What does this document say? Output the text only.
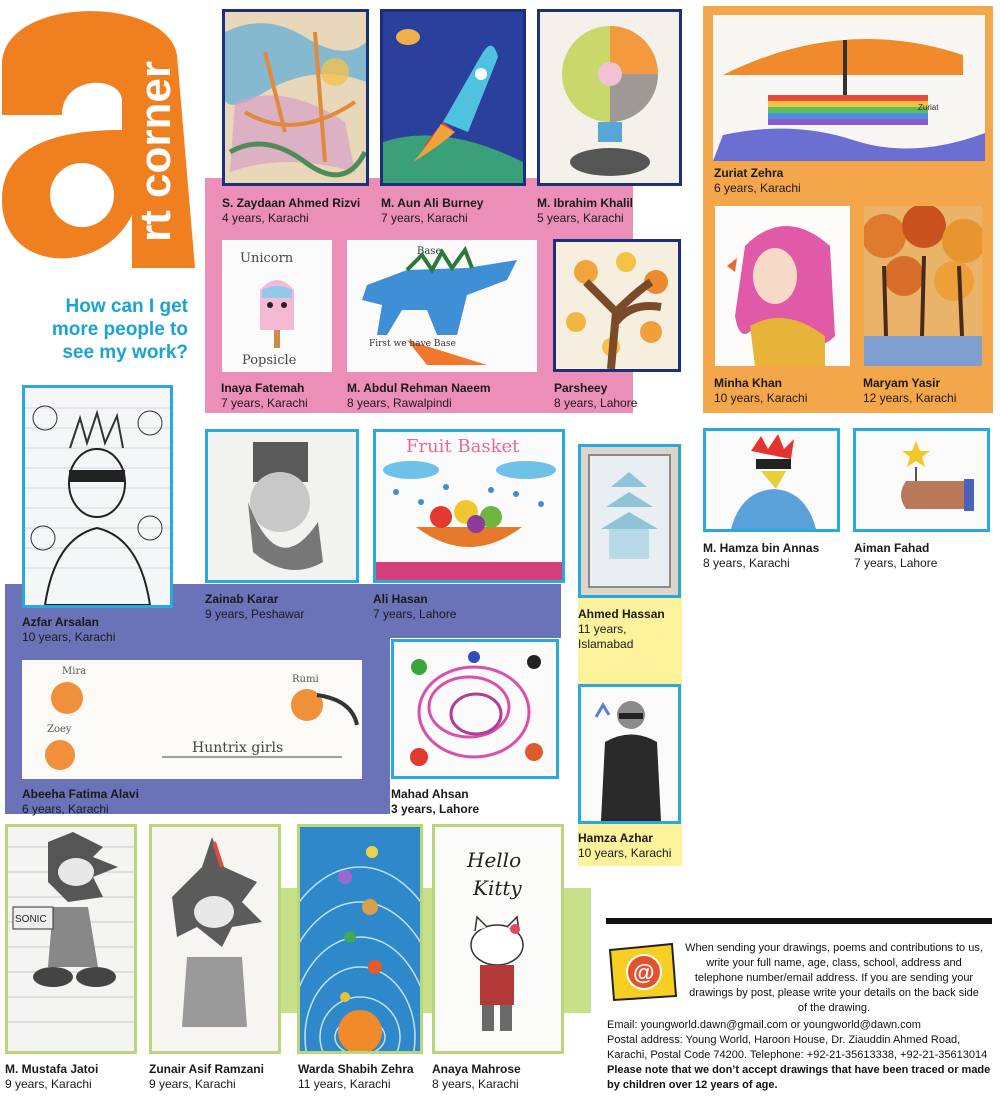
rt corner
How can I get more people to see my work?
Zuriat
Unicorn
Popsicle
Base
First we have Base
Fruit Basket
Mira
Rumi
Zoey
Huntrix girls
SONIC
Hello
Kitty
S. Zaydaan Ahmed Rizvi
4 years, Karachi
M. Aun Ali Burney
7 years, Karachi
M. Ibrahim Khalil
5 years, Karachi
Zuriat Zehra
6 years, Karachi
Inaya Fatemah
7 years, Karachi
M. Abdul Rehman Naeem
8 years, Rawalpindi
Parsheey
8 years, Lahore
Minha Khan
10 years, Karachi
Maryam Yasir
12 years, Karachi
Azfar Arsalan
10 years, Karachi
Zainab Karar
9 years, Peshawar
Ali Hasan
7 years, Lahore	Ahmed Hassan
11 years,
Islamabad
M. Hamza bin Annas
8 years, Karachi
Aiman Fahad
7 years, Lahore
Abeeha Fatima Alavi
6 years, Karachi
Mahad Ahsan
3 years, Lahore
Hamza Azhar
10 years, Karachi
M. Mustafa Jatoi
9 years, Karachi
Zunair Asif Ramzani
9 years, Karachi
Warda Shabih Zehra
11 years, Karachi
Anaya Mahrose
8 years, Karachi
@
When sending your drawings, poems and contributions to us, write your full name, age, class, school, address and telephone number/email address. If you are sending your drawings by post, please write your details on the back side of the drawing.
Email: youngworld.dawn@gmail.com or youngworld@dawn.com
Postal address: Young World, Haroon House, Dr. Ziauddin Ahmed Road, Karachi, Postal Code 74200. Telephone: +92-21-35613338, +92-21-35613014
Please note that we don’t accept drawings that have been traced or made by children over 12 years of age.
